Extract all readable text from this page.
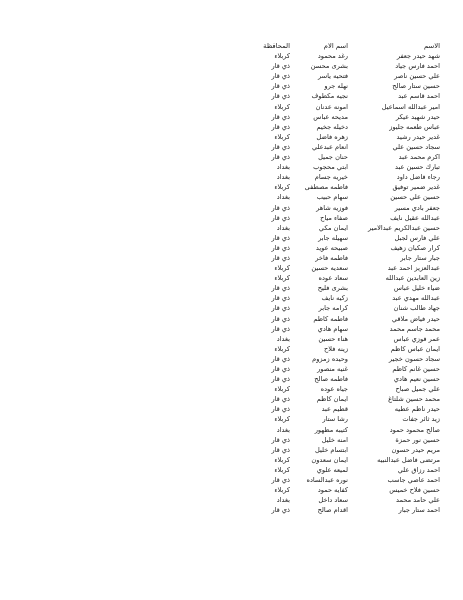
الاسم
اسم الام
المحافظة
شهد حيدر جعفر
رغد محمود
كربلاء
احمد فارس جياد
بشرى محسن
ذي قار
علي حسين ناصر
فتحيه ياسر
ذي قار
حسين ستار صالح
نهله جرو
ذي قار
احمد قاسم عبد
نجيه مكطوف
ذي قار
امير عبدالله اسماعيل
امونه عدنان
كربلاء
حيدر شهيد عيكر
مديحه عباس
ذي قار
عباس طعمه جليوز
دخيله جخيم
ذي قار
غدير حيدر رشيد
زهره فاضل
كربلاء
سجاد حسين علي
انعام عبدعلي
ذي قار
اكرم محمد عبد
حنان جميل
ذي قار
تبارك حسين عبد
ابتي محجوب
بغداد
رجاء فاضل داود
خيريه جسام
بغداد
غدير ضمير توفيق
فاطمه مصطفى
كربلاء
حسين علي حسين
سهام حبيب
بغداد
جعفر بادي مسير
فوزيه شاهر
ذي قار
عبدالله عقيل نايف
صفاء مياح
ذي قار
حسين عبدالكريم عبدالامير
ايمان مكي
بغداد
علي فارس لجبل
سهيله جابر
ذي قار
كرار صكبان زهيف
صبيحه عويد
ذي قار
جبار ستار جابر
فاطمه فاخر
ذي قار
عبدالعزيز احمد عبد
سعديه حسين
كربلاء
زين العابدين عبدالله
سعاد عوده
كربلاء
ضياء خليل عباس
بشرى فليح
ذي قار
عبدالله مهدي عبد
زكيه نايف
ذي قار
جهاد طالب شنان
كرامه جابر
ذي قار
حيدر فياض ملاقي
فاطمه كاظم
ذي قار
محمد جاسم محمد
سهام هادي
ذي قار
عمر فوزي عباس
هناء حسين
بغداد
ايمان عباس كاظم
زينه فلاح
كربلاء
سجاد حسون خجير
وحيده زمزوم
ذي قار
حسين غانم كاظم
غنيه منصور
ذي قار
حسين نعيم هادي
فاطمه صالح
ذي قار
علي جميل صباح
جياه عوده
كربلاء
محمد حسين شلتاغ
ايمان كاظم
ذي قار
حيدر ناظم عطيه
قطيم عبد
ذي قار
زيد ثائر جفات
رشا ستار
كربلاء
صالح محمود حمود
كتيبه مظهور
بغداد
حسين نور حمزة
امنه خليل
ذي قار
مريم حيدر حسون
ابتسام خليل
ذي قار
مرتضى فاضل عبدالنبيه
ايمان سعدون
كربلاء
احمد رزاق علي
لميعه علوي
كربلاء
احمد عاصي جاسب
نوره عبدالساده
ذي قار
حسين فلاح خميس
كفايه حمود
كربلاء
علي حامد محمد
سعاد داخل
بغداد
احمد ستار جبار
اقدام صالح
ذي قار
